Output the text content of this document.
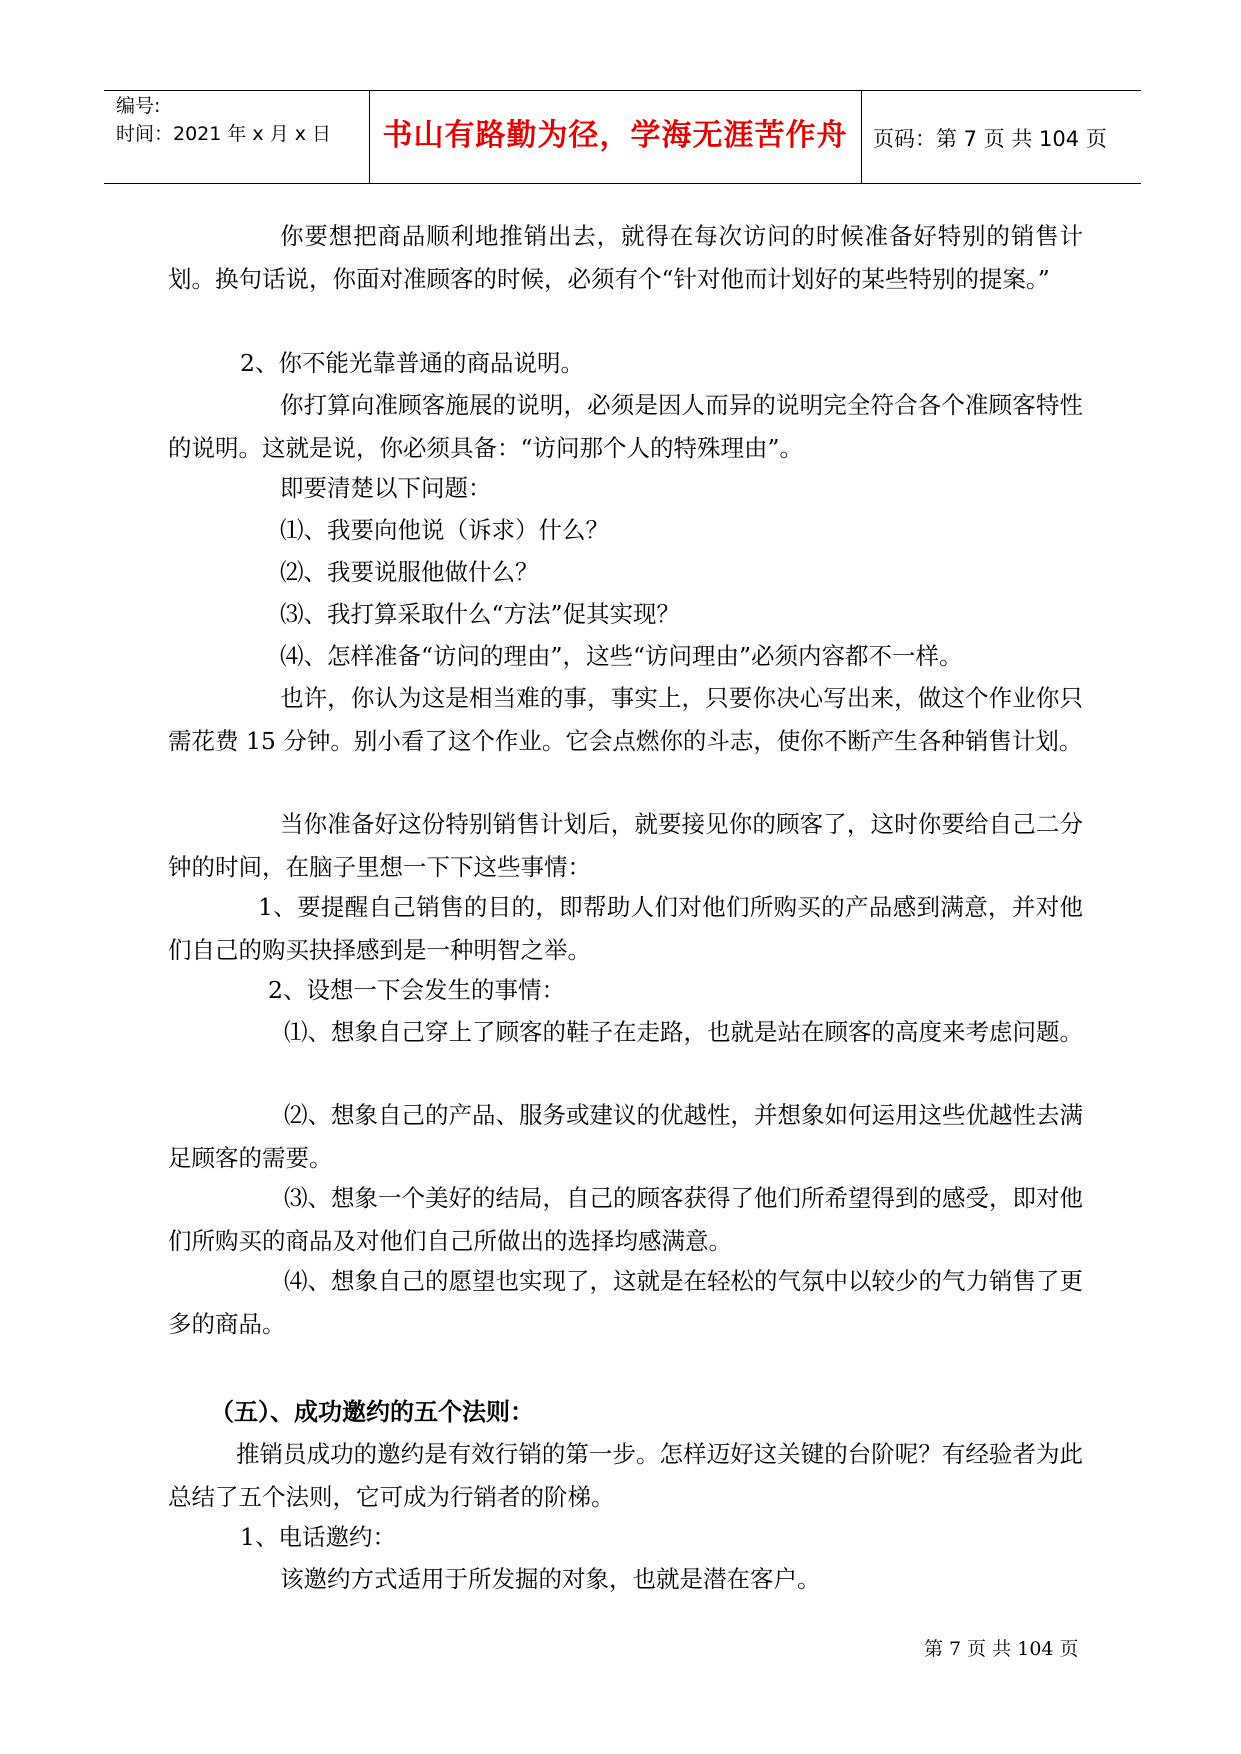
编号:
时间：2021 年 x 月 x 日	书山有路勤为径，学海无涯苦作舟	页码：第 7 页 共 104 页

你要想把商品顺利地推销出去，就得在每次访问的时候准备好特别的销售计划。换句话说，你面对准顾客的时候，必须有个“针对他而计划好的某些特别的提案。”

2、你不能光靠普通的商品说明。

你打算向准顾客施展的说明，必须是因人而异的说明完全符合各个准顾客特性的说明。这就是说，你必须具备：“访问那个人的特殊理由”。

即要清楚以下问题：

⑴、我要向他说（诉求）什么？

⑵、我要说服他做什么？

⑶、我打算采取什么“方法”促其实现？

⑷、怎样准备“访问的理由”，这些“访问理由”必须内容都不一样。

也许，你认为这是相当难的事，事实上，只要你决心写出来，做这个作业你只需花费 15 分钟。别小看了这个作业。它会点燃你的斗志，使你不断产生各种销售计划。

当你准备好这份特别销售计划后，就要接见你的顾客了，这时你要给自己二分钟的时间，在脑子里想一下下这些事情：

1、要提醒自己销售的目的，即帮助人们对他们所购买的产品感到满意，并对他们自己的购买抉择感到是一种明智之举。

2、设想一下会发生的事情：

⑴、想象自己穿上了顾客的鞋子在走路，也就是站在顾客的高度来考虑问题。

⑵、想象自己的产品、服务或建议的优越性，并想象如何运用这些优越性去满足顾客的需要。

⑶、想象一个美好的结局，自己的顾客获得了他们所希望得到的感受，即对他们所购买的商品及对他们自己所做出的选择均感满意。

⑷、想象自己的愿望也实现了，这就是在轻松的气氛中以较少的气力销售了更多的商品。

（五）、成功邀约的五个法则：

推销员成功的邀约是有效行销的第一步。怎样迈好这关键的台阶呢？有经验者为此总结了五个法则，它可成为行销者的阶梯。

1、电话邀约：

该邀约方式适用于所发掘的对象，也就是潜在客户。

第 7 页 共 104 页
